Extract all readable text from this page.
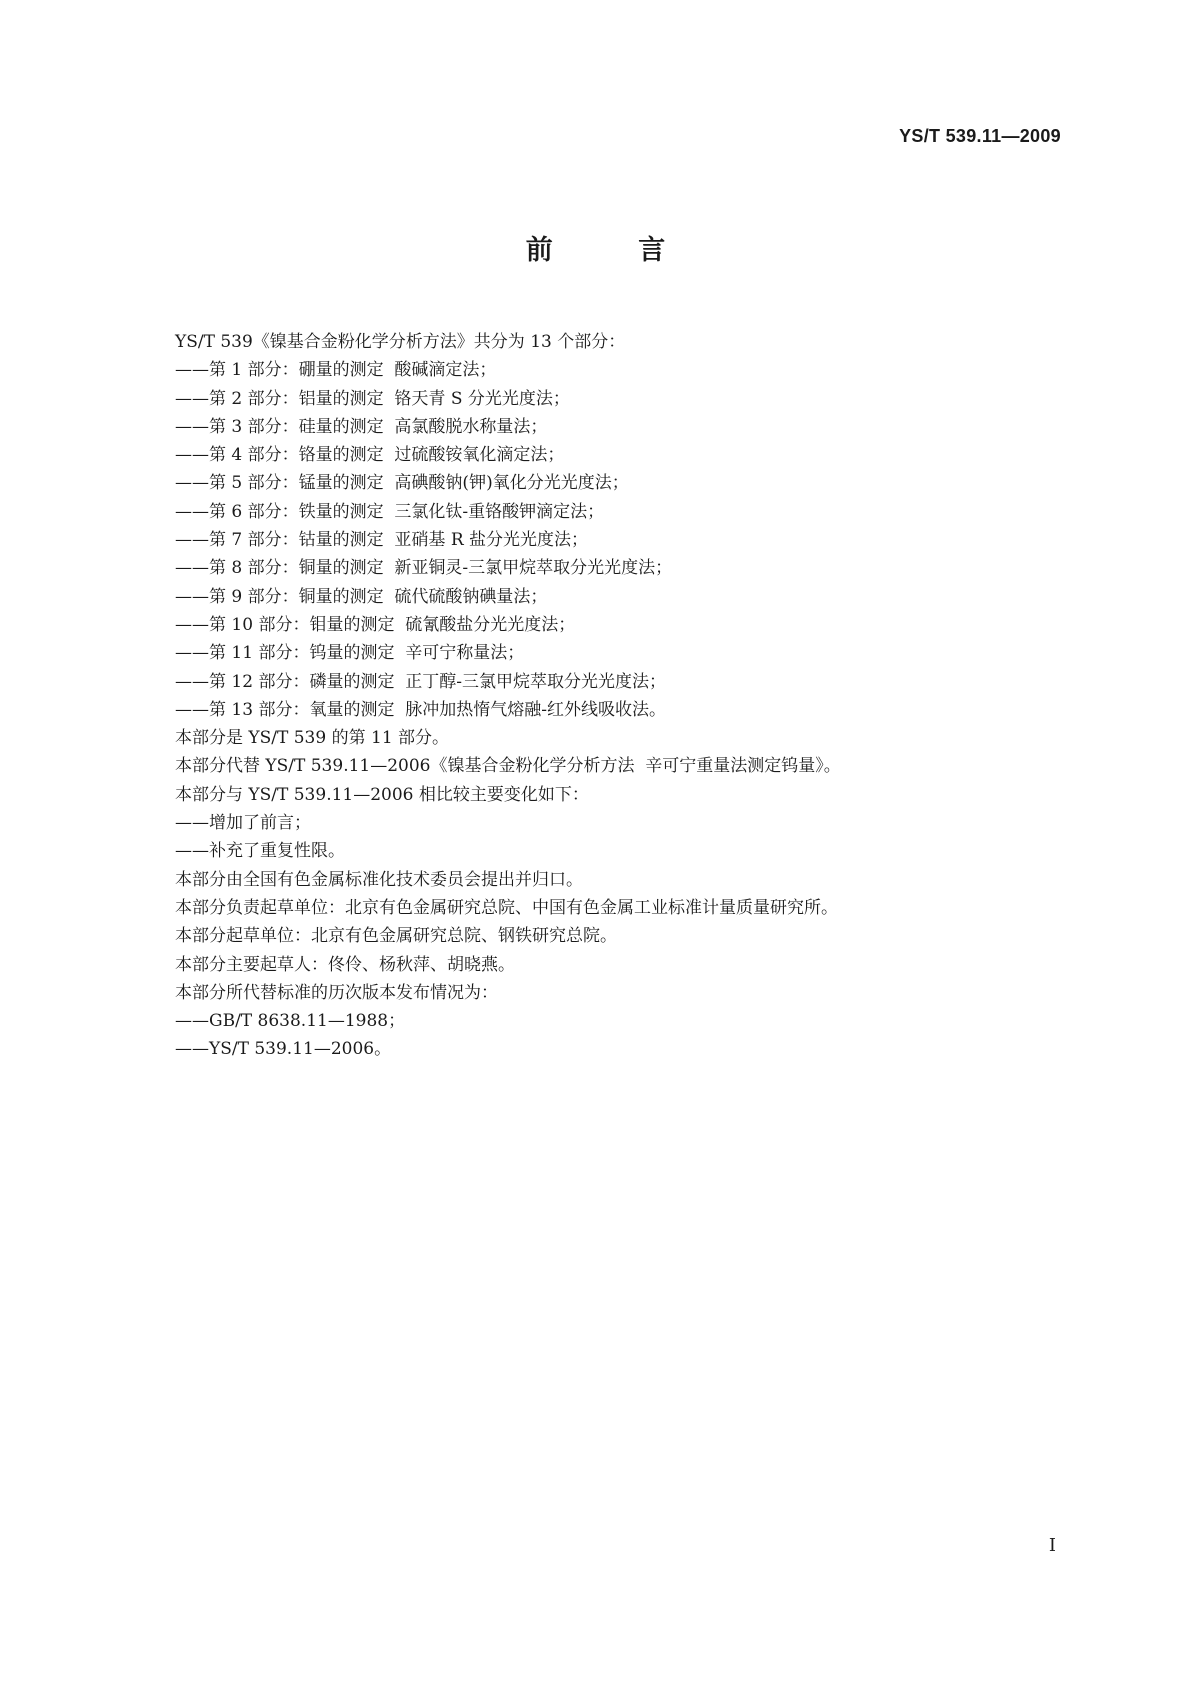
YS/T 539.11—2009
前 言
YS/T 539《镍基合金粉化学分析方法》共分为 13 个部分：
——第 1 部分：硼量的测定  酸碱滴定法；
——第 2 部分：铝量的测定  铬天青 S 分光光度法；
——第 3 部分：硅量的测定  高氯酸脱水称量法；
——第 4 部分：铬量的测定  过硫酸铵氧化滴定法；
——第 5 部分：锰量的测定  高碘酸钠(钾)氧化分光光度法；
——第 6 部分：铁量的测定  三氯化钛-重铬酸钾滴定法；
——第 7 部分：钴量的测定  亚硝基 R 盐分光光度法；
——第 8 部分：铜量的测定  新亚铜灵-三氯甲烷萃取分光光度法；
——第 9 部分：铜量的测定  硫代硫酸钠碘量法；
——第 10 部分：钼量的测定  硫氰酸盐分光光度法；
——第 11 部分：钨量的测定  辛可宁称量法；
——第 12 部分：磷量的测定  正丁醇-三氯甲烷萃取分光光度法；
——第 13 部分：氧量的测定  脉冲加热惰气熔融-红外线吸收法。
本部分是 YS/T 539 的第 11 部分。
本部分代替 YS/T 539.11—2006《镍基合金粉化学分析方法  辛可宁重量法测定钨量》。
本部分与 YS/T 539.11—2006 相比较主要变化如下：
——增加了前言；
——补充了重复性限。
本部分由全国有色金属标准化技术委员会提出并归口。
本部分负责起草单位：北京有色金属研究总院、中国有色金属工业标准计量质量研究所。
本部分起草单位：北京有色金属研究总院、钢铁研究总院。
本部分主要起草人：佟伶、杨秋萍、胡晓燕。
本部分所代替标准的历次版本发布情况为：
——GB/T 8638.11—1988；
——YS/T 539.11—2006。
I
